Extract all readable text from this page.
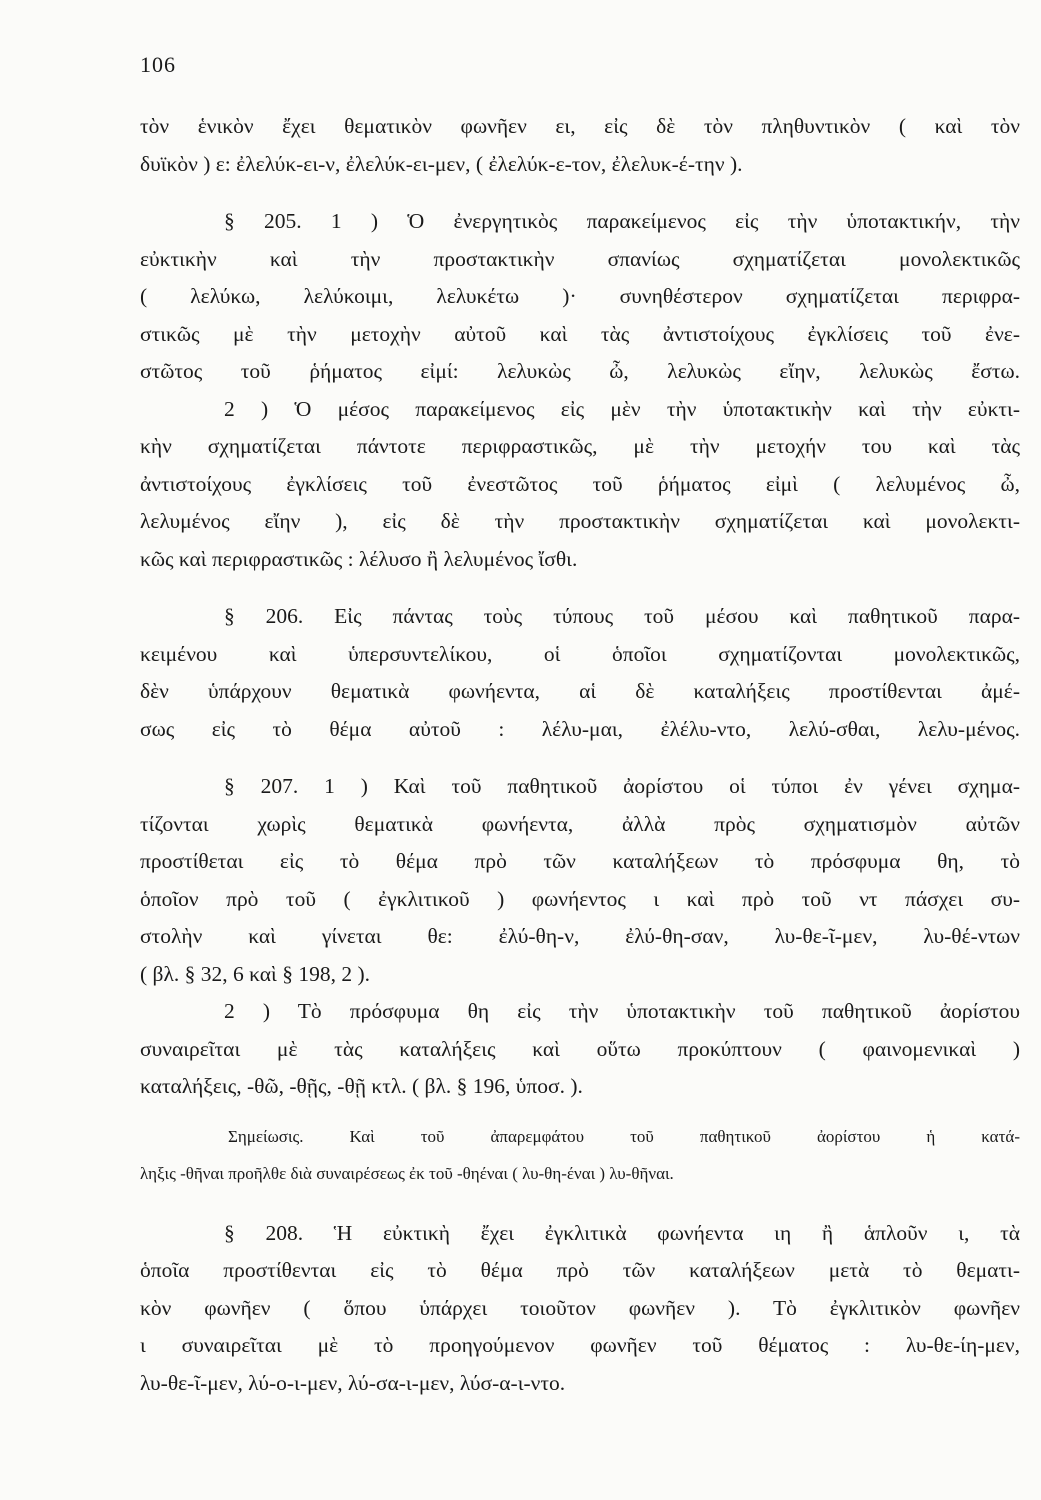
106
τὸν ἑνικὸν ἔχει θεματικὸν φωνῆεν ει, εἰς δὲ τὸν πληθυντικὸν ( καὶ τὸν
δυϊκὸν ) ε: ἐλελύκ-ει-ν, ἐλελύκ-ει-μεν, ( ἐλελύκ-ε-τον, ἐλελυκ-έ-την ).
§ 205. 1 ) Ὁ ἐνεργητικὸς παρακείμενος εἰς τὴν ὑποτακτικήν, τὴν
εὐκτικὴν καὶ τὴν προστακτικὴν σπανίως σχηματίζεται μονολεκτικῶς
( λελύκω, λελύκοιμι, λελυκέτω )· συνηθέστερον σχηματίζεται περιφρα-
στικῶς μὲ τὴν μετοχὴν αὐτοῦ καὶ τὰς ἀντιστοίχους ἐγκλίσεις τοῦ ἐνε-
στῶτος τοῦ ῥήματος εἰμί: λελυκὼς ὦ, λελυκὼς εἴην, λελυκὼς ἔστω.
2 ) Ὁ μέσος παρακείμενος εἰς μὲν τὴν ὑποτακτικὴν καὶ τὴν εὐκτι-
κὴν σχηματίζεται πάντοτε περιφραστικῶς, μὲ τὴν μετοχήν του καὶ τὰς
ἀντιστοίχους ἐγκλίσεις τοῦ ἐνεστῶτος τοῦ ῥήματος εἰμὶ ( λελυμένος ὦ,
λελυμένος εἴην ), εἰς δὲ τὴν προστακτικὴν σχηματίζεται καὶ μονολεκτι-
κῶς καὶ περιφραστικῶς : λέλυσο ἢ λελυμένος ἴσθι.
§ 206. Εἰς πάντας τοὺς τύπους τοῦ μέσου καὶ παθητικοῦ παρα-
κειμένου καὶ ὑπερσυντελίκου, οἱ ὁποῖοι σχηματίζονται μονολεκτικῶς,
δὲν ὑπάρχουν θεματικὰ φωνήεντα, αἱ δὲ καταλήξεις προστίθενται ἀμέ-
σως εἰς τὸ θέμα αὐτοῦ : λέλυ-μαι, ἐλέλυ-ντο, λελύ-σθαι, λελυ-μένος.
§ 207. 1 ) Καὶ τοῦ παθητικοῦ ἀορίστου οἱ τύποι ἐν γένει σχημα-
τίζονται χωρὶς θεματικὰ φωνήεντα, ἀλλὰ πρὸς σχηματισμὸν αὐτῶν
προστίθεται εἰς τὸ θέμα πρὸ τῶν καταλήξεων τὸ πρόσφυμα θη, τὸ
ὁποῖον πρὸ τοῦ ( ἐγκλιτικοῦ ) φωνήεντος ι καὶ πρὸ τοῦ ντ πάσχει συ-
στολὴν καὶ γίνεται θε: ἐλύ-θη-ν, ἐλύ-θη-σαν, λυ-θε-ῖ-μεν, λυ-θέ-ντων
( βλ. § 32, 6 καὶ § 198, 2 ).
2 ) Τὸ πρόσφυμα θη εἰς τὴν ὑποτακτικὴν τοῦ παθητικοῦ ἀορίστου
συναιρεῖται μὲ τὰς καταλήξεις καὶ οὕτω προκύπτουν ( φαινομενικαὶ )
καταλήξεις, -θῶ, -θῇς, -θῇ κτλ. ( βλ. § 196, ὑποσ. ).
Σημείωσις. Καὶ τοῦ ἀπαρεμφάτου τοῦ παθητικοῦ ἀορίστου ἡ κατά-
ληξις -θῆναι προῆλθε διὰ συναιρέσεως ἐκ τοῦ -θηέναι ( λυ-θη-έναι ) λυ-θῆναι.
§ 208. Ἡ εὐκτικὴ ἔχει ἐγκλιτικὰ φωνήεντα ιη ἢ ἁπλοῦν ι, τὰ
ὁποῖα προστίθενται εἰς τὸ θέμα πρὸ τῶν καταλήξεων μετὰ τὸ θεματι-
κὸν φωνῆεν ( ὅπου ὑπάρχει τοιοῦτον φωνῆεν ). Τὸ ἐγκλιτικὸν φωνῆεν
ι συναιρεῖται μὲ τὸ προηγούμενον φωνῆεν τοῦ θέματος : λυ-θε-ίη-μεν,
λυ-θε-ῖ-μεν, λύ-ο-ι-μεν, λύ-σα-ι-μεν, λύσ-α-ι-ντο.
